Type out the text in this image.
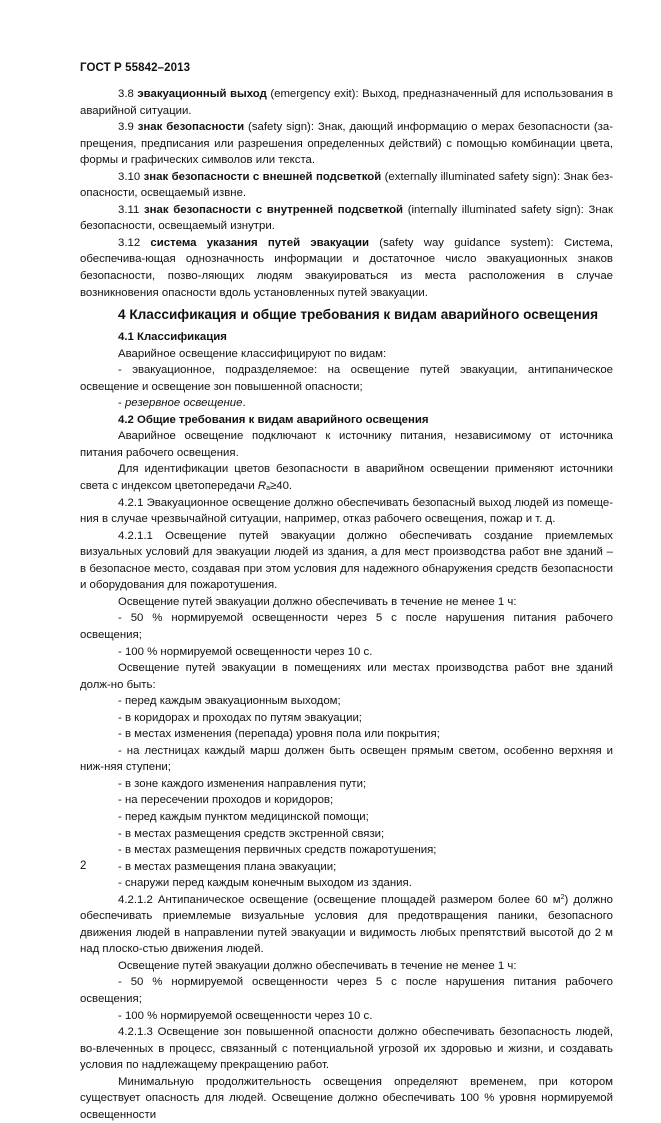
ГОСТ Р 55842–2013

3.8 эвакуационный выход (emergency exit): Выход, предназначенный для использования в аварийной ситуации.

3.9 знак безопасности (safety sign): Знак, дающий информацию о мерах безопасности (за-прещения, предписания или разрешения определенных действий) с помощью комбинации цвета, формы и графических символов или текста.

3.10 знак безопасности с внешней подсветкой (externally illuminated safety sign): Знак без-опасности, освещаемый извне.

3.11 знак безопасности с внутренней подсветкой (internally illuminated safety sign): Знак безопасности, освещаемый изнутри.

3.12 система указания путей эвакуации (safety way guidance system): Система, обеспечива-ющая однозначность информации и достаточное число эвакуационных знаков безопасности, позво-ляющих людям эвакуироваться из места расположения в случае возникновения опасности вдоль установленных путей эвакуации.

4 Классификация и общие требования к видам аварийного освещения

4.1 Классификация

Аварийное освещение классифицируют по видам:

- эвакуационное, подразделяемое: на освещение путей эвакуации, антипаническое освещение и освещение зон повышенной опасности;

- резервное освещение.

4.2 Общие требования к видам аварийного освещения

Аварийное освещение подключают к источнику питания, независимому от источника питания рабочего освещения.

Для идентификации цветов безопасности в аварийном освещении применяют источники света с индексом цветопередачи $R_a\ge 40$.

4.2.1 Эвакуационное освещение должно обеспечивать безопасный выход людей из помеще-ния в случае чрезвычайной ситуации, например, отказ рабочего освещения, пожар и т. д.

4.2.1.1 Освещение путей эвакуации должно обеспечивать создание приемлемых визуальных условий для эвакуации людей из здания, а для мест производства работ вне зданий – в безопасное место, создавая при этом условия для надежного обнаружения средств безопасности и оборудования для пожаротушения.

Освещение путей эвакуации должно обеспечивать в течение не менее 1 ч:

- 50 % нормируемой освещенности через 5 с после нарушения питания рабочего освещения;

- 100 % нормируемой освещенности через 10 с.

Освещение путей эвакуации в помещениях или местах производства работ вне зданий долж-но быть:

- перед каждым эвакуационным выходом;

- в коридорах и проходах по путям эвакуации;

- в местах изменения (перепада) уровня пола или покрытия;

- на лестницах каждый марш должен быть освещен прямым светом, особенно верхняя и ниж-няя ступени;

- в зоне каждого изменения направления пути;

- на пересечении проходов и коридоров;

- перед каждым пунктом медицинской помощи;

- в местах размещения средств экстренной связи;

- в местах размещения первичных средств пожаротушения;

- в местах размещения плана эвакуации;

- снаружи перед каждым конечным выходом из здания.

4.2.1.2 Антипаническое освещение (освещение площадей размером более 60 $м^2$) должно обеспечивать приемлемые визуальные условия для предотвращения паники, безопасного движения людей в направлении путей эвакуации и видимость любых препятствий высотой до 2 м над плоско-стью движения людей.

Освещение путей эвакуации должно обеспечивать в течение не менее 1 ч:

- 50 % нормируемой освещенности через 5 с после нарушения питания рабочего освещения;

- 100 % нормируемой освещенности через 10 с.

4.2.1.3 Освещение зон повышенной опасности должно обеспечивать безопасность людей, во-влеченных в процесс, связанный с потенциальной угрозой их здоровью и жизни, и создавать условия по надлежащему прекращению работ.

Минимальную продолжительность освещения определяют временем, при котором существует опасность для людей. Освещение должно обеспечивать 100 % уровня нормируемой освещенности

2
